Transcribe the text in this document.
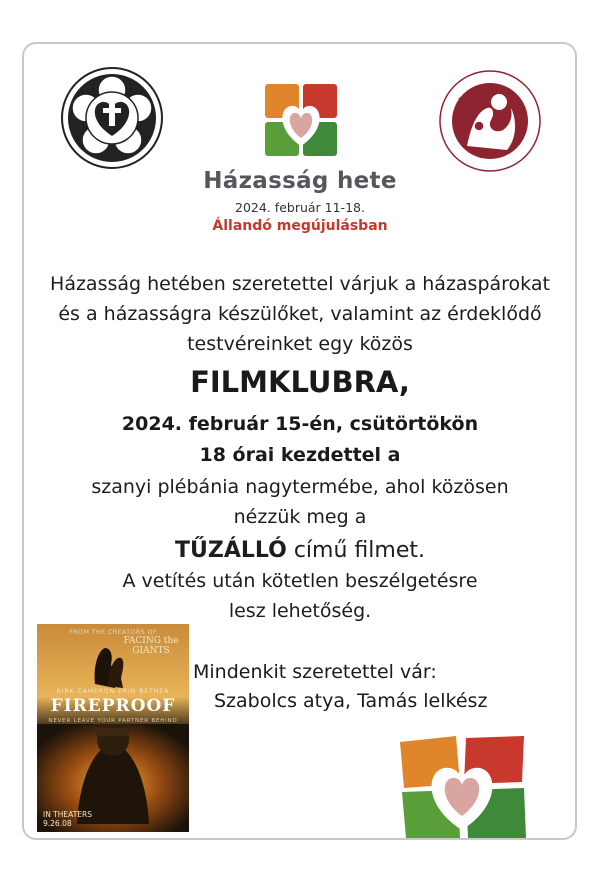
Házasság hete
2024. február 11-18.
Állandó megújulásban
Házasság hetében szeretettel várjuk a házaspárokat
és a házasságra készülőket, valamint az érdeklődő
testvéreinket egy közös
FILMKLUBRA,
2024. február 15-én, csütörtökön
18 órai kezdettel a
szanyi plébánia nagytermébe, ahol közösen
nézzük meg a
TŰZÁLLÓ című filmet.
A vetítés után kötetlen beszélgetésre
lesz lehetőség.
Mindenkit szeretettel vár:
Szabolcs atya, Tamás lelkész
FROM THE CREATORS OF
FACING the GIANTS
KIRK CAMERON ERIN BETHEA
FIREPROOF
NEVER LEAVE YOUR PARTNER BEHIND
IN THEATERS
9.26.08
